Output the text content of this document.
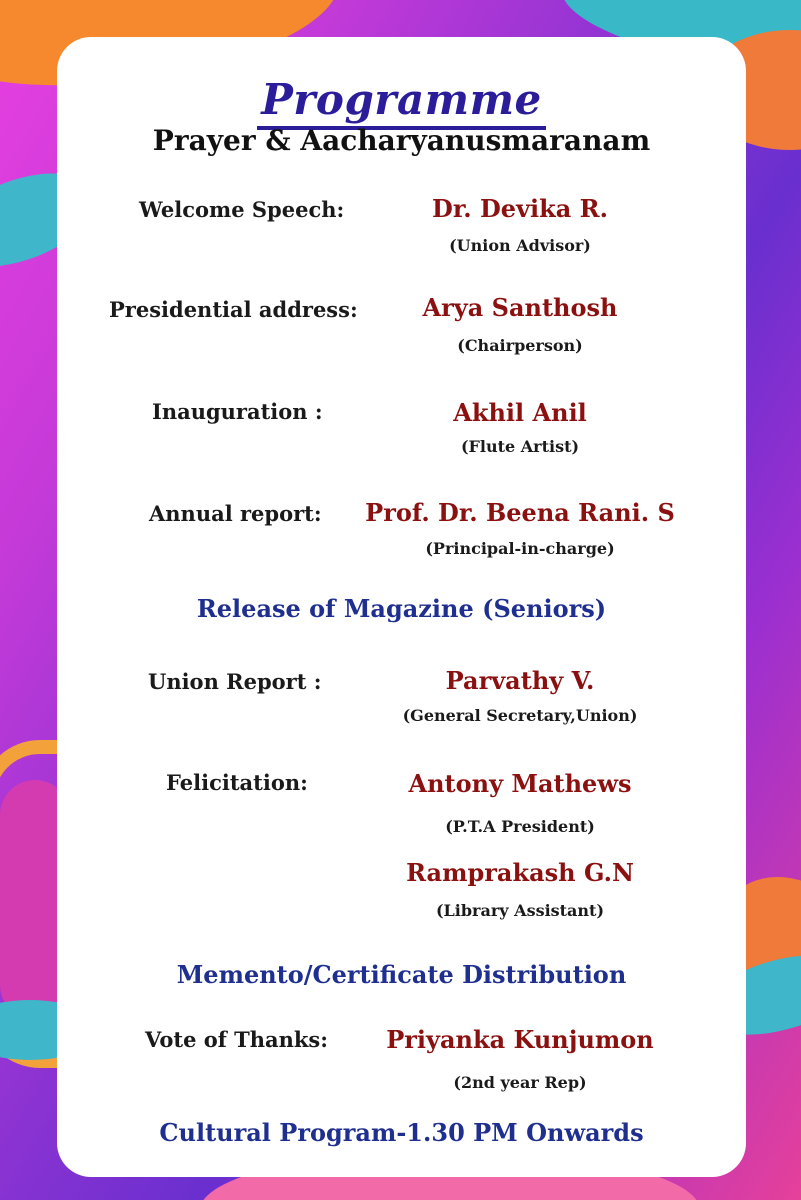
Programme
Prayer & Aacharyanusmaranam
Welcome Speech:	Dr. Devika R.
(Union Advisor)
Presidential address:	Arya Santhosh
(Chairperson)
Inauguration :	Akhil Anil
(Flute Artist)
Annual report: Prof. Dr. Beena Rani. S
(Principal-in-charge)
Release of Magazine (Seniors)
Union Report :	Parvathy V.
(General Secretary,Union)
Felicitation:	Antony Mathews
(P.T.A President)
Ramprakash G.N
(Library Assistant)
Memento/Certificate Distribution
Vote of Thanks:	Priyanka Kunjumon
(2nd year Rep)
Cultural Program-1.30 PM Onwards
